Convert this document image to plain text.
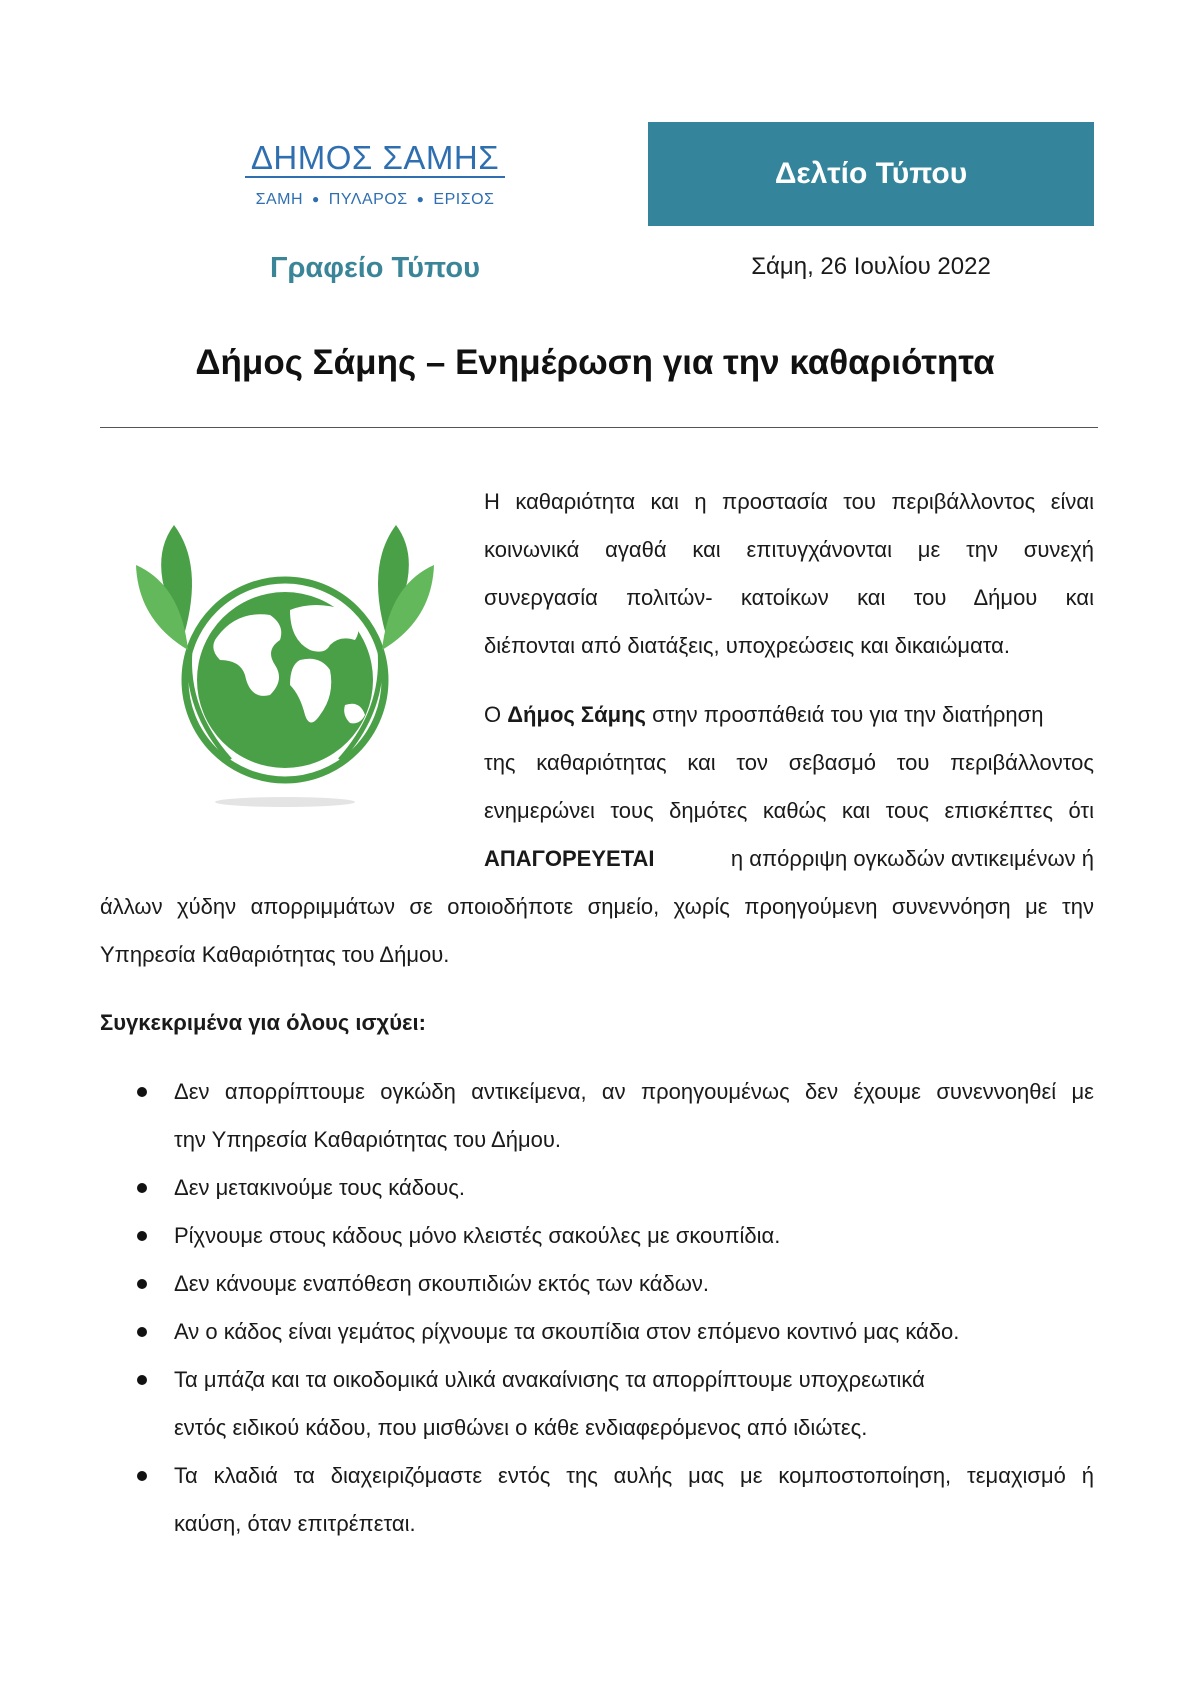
ΔΗΜΟΣ ΣΑΜΗΣ
ΣΑΜΗ ● ΠΥΛΑΡΟΣ ● ΕΡΙΣΟΣ
Γραφείο Τύπου
Δελτίο Τύπου
Σάμη, 26 Ιουλίου 2022
Δήμος Σάμης – Ενημέρωση για την καθαριότητα
Η καθαριότητα και η προστασία του περιβάλλοντος είναι
κοινωνικά αγαθά και επιτυγχάνονται με την συνεχή
συνεργασία πολιτών- κατοίκων και του Δήμου και
διέπονται από διατάξεις, υποχρεώσεις και δικαιώματα.
Ο Δήμος Σάμης στην προσπάθειά του για την διατήρηση
της καθαριότητας και τον σεβασμό του περιβάλλοντος
ενημερώνει τους δημότες καθώς και τους επισκέπτες ότι
ΑΠΑΓΟΡΕΥΕΤΑΙ	η απόρριψη ογκωδών αντικειμένων ή
άλλων χύδην απορριμμάτων σε οποιοδήποτε σημείο, χωρίς προηγούμενη συνεννόηση με την
Υπηρεσία Καθαριότητας του Δήμου.
Συγκεκριμένα για όλους ισχύει:
Δεν απορρίπτουμε ογκώδη αντικείμενα, αν προηγουμένως δεν έχουμε συνεννοηθεί με
την Υπηρεσία Καθαριότητας του Δήμου.
Δεν μετακινούμε τους κάδους.
Ρίχνουμε στους κάδους μόνο κλειστές σακούλες με σκουπίδια.
Δεν κάνουμε εναπόθεση σκουπιδιών εκτός των κάδων.
Αν ο κάδος είναι γεμάτος ρίχνουμε τα σκουπίδια στον επόμενο κοντινό μας κάδο.
Τα μπάζα και τα οικοδομικά υλικά ανακαίνισης τα απορρίπτουμε υποχρεωτικά
εντός ειδικού κάδου, που μισθώνει ο κάθε ενδιαφερόμενος από ιδιώτες.
Τα κλαδιά τα διαχειριζόμαστε εντός της αυλής μας με κομποστοποίηση, τεμαχισμό ή
καύση, όταν επιτρέπεται.
